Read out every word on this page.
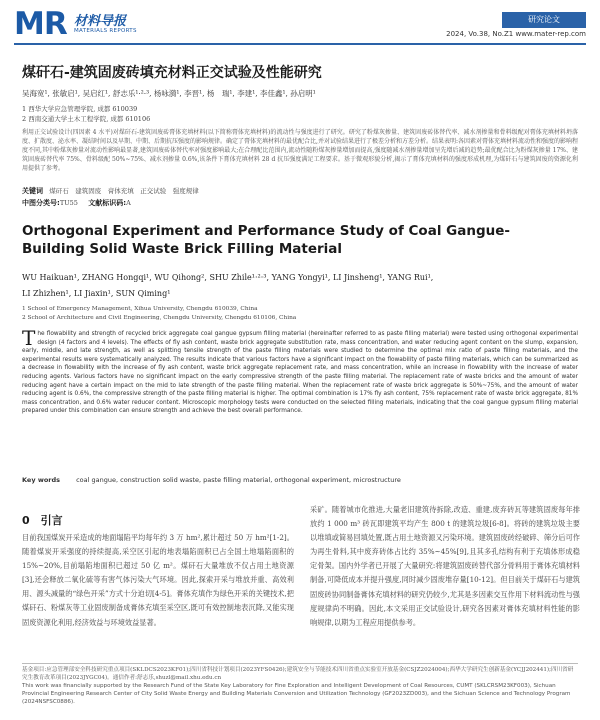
MR 材料导报
MATERIALS REPORTS
研究论文
2024, Vo.38, No.Z1 www.mater-rep.com
煤矸石-建筑固废砖填充材料正交试验及性能研究
吴海宽¹, 张敏启¹, 吴启红¹, 舒志乐¹·²·³, 杨咏漪¹, 李晋¹, 杨　瑞¹, 李建¹, 李佳鑫¹, 孙启明¹
1 西华大学应急管理学院, 成都 610039
2 西南交通大学土木工程学院, 成都 610106
利用正交试验设计(四因素 4 水平)对煤矸石-建筑固废砖膏体充填材料(以下简称膏体充填材料)的流动性与强度进行了研究。研究了粉煤灰掺量、建筑固废砖体替代率、减水剂掺量和骨料级配对膏体充填材料坍落度、扩散度、泌水率、凝结时间以及早期、中期、后期抗压强度的影响规律。确定了膏体充填材料的最优配合比,并对试验结果进行了极差分析和方差分析。结果表明:各因素对膏体充填材料流动性和强度的影响程度不同,其中粉煤灰掺量对流动性影响最显著,建筑固废砖体替代率对强度影响最大;在合理配比范围内,流动性随粉煤灰掺量增加而提高,强度随减水剂掺量增加呈先增后减的趋势;最优配合比为粉煤灰掺量 17%、建筑固废砖替代率 75%、骨料级配 50%~75%、减水剂掺量 0.6%,该条件下膏体充填材料 28 d 抗压强度满足工程要求。基于微观形貌分析,揭示了膏体充填材料的强度形成机理,为煤矸石与建筑固废的资源化利用提供了参考。
关键词 煤矸石　建筑固废　膏体充填　正交试验　强度规律
中图分类号:TU55 文献标识码:A
Orthogonal Experiment and Performance Study of Coal Gangue-Building Solid Waste Brick Filling Material
WU Haikuan¹, ZHANG Hongqi¹, WU Qihong², SHU Zhile¹·²·³, YANG Yongyi¹, LI Jinsheng¹, YANG Rui¹,
LI Zhizhen¹, LI Jiaxin¹, SUN Qiming¹
1 School of Emergency Management, Xihua University, Chengdu 610039, China
2 School of Architecture and Civil Engineering, Chengdu University, Chengdu 610106, China
The flowability and strength of recycled brick aggregate coal gangue gypsum filling material (hereinafter referred to as paste filling material) were tested using orthogonal experimental design (4 factors and 4 levels). The effects of fly ash content, waste brick aggregate substitution rate, mass concentration, and water reducing agent content on the slump, expansion, early, middle, and late strength, as well as splitting tensile strength of the paste filling materials were studied to determine the optimal mix ratio of paste filling materials, and the experimental results were systematically analyzed. The results indicate that various factors have a significant impact on the flowability of paste filling materials, which can be summarized as a decrease in flowability with the increase of fly ash content, waste brick aggregate replacement rate, and mass concentration, while an increase in flowability with the increase of water reducing agents. Various factors have no significant impact on the early compressive strength of the paste filling material. The replacement rate of waste bricks and the amount of water reducing agent have a certain impact on the mid to late strength of the paste filling material. When the replacement rate of waste brick aggregate is 50%~75%, and the amount of water reducing agent is 0.6%, the compressive strength of the paste filling material is higher. The optimal combination is 17% fly ash content, 75% replacement rate of waste brick aggregate, 81% mass concentration, and 0.6% water reducer content. Microscopic morphology tests were conducted on the selected filling materials, indicating that the coal gangue gypsum filling material prepared under this combination can ensure strength and achieve the best overall performance.
Key words coal gangue, construction solid waste, paste filling material, orthogonal experiment, microstructure
0　引言
目前我国煤炭开采造成的地面塌陷平均每年约 3 万 hm²,累计超过 50 万 hm²[1-2]。随着煤炭开采强度的持续提高,采空区引起的地表塌陷面积已占全国土地塌陷面积的 15%~20%,目前塌陷地面积已超过 50 亿 m²。煤矸石大量堆放不仅占用土地资源[3],还会释放二氧化硫等有害气体污染大气环境。因此,探索开采与堆放并重、高效利用、源头减量的“绿色开采”方式十分迫切[4-5]。膏体充填作为绿色开采的关键技术,把煤矸石、粉煤灰等工业固废制备成膏体充填至采空区,既可有效控制地表沉降,又能实现固废资源化利用,经济效益与环境效益显著。
采矿。随着城市化推进,大量老旧建筑待拆除,改造、重建,废弃砖瓦等建筑固废每年排放约 1 000 m³ 砖瓦即建筑平均产生 800 t 的建筑垃圾[6-8]。将砖的建筑垃圾主要以堆填或简易回填处置,既占用土地资源又污染环境。建筑固废砖经破碎、筛分后可作为再生骨料,其中废弃砖体占比约 35%~45%[9],且其多孔结构有利于充填体形成稳定骨架。国内外学者已开展了大量研究:将建筑固废砖替代部分骨料用于膏体充填材料制备,可降低成本并提升强度,同时减少固废堆存量[10-12]。但目前关于煤矸石与建筑固废砖协同制备膏体充填材料的研究仍较少,尤其是多因素交互作用下材料流动性与强度规律尚不明确。因此,本文采用正交试验设计,研究各因素对膏体充填材料性能的影响规律,以期为工程应用提供参考。
基金项目:应急管理部安全科技研究重点项目(SKLDCS2023KF01);四川省科技计划项目(2023YFS0426);建筑安全与节能技术四川省重点实验室开放基金(CSJZ2024004);西华大学研究生创新基金(YCJJ202441);四川省研究生教育改革项目(2023JYGC04)。通信作者:舒志乐,shuzl@mail.xhu.edu.cn
This work was financially supported by the Research Fund of the State Key Laboratory for Fine Exploration and Intelligent Development of Coal Resources, CUMT (SKLCRSM23KF003), Sichuan Provincial Engineering Research Center of City Solid Waste Energy and Building Materials Conversion and Utilization Technology (GF2023ZD003), and the Sichuan Science and Technology Program (2024NSFSC0886).
